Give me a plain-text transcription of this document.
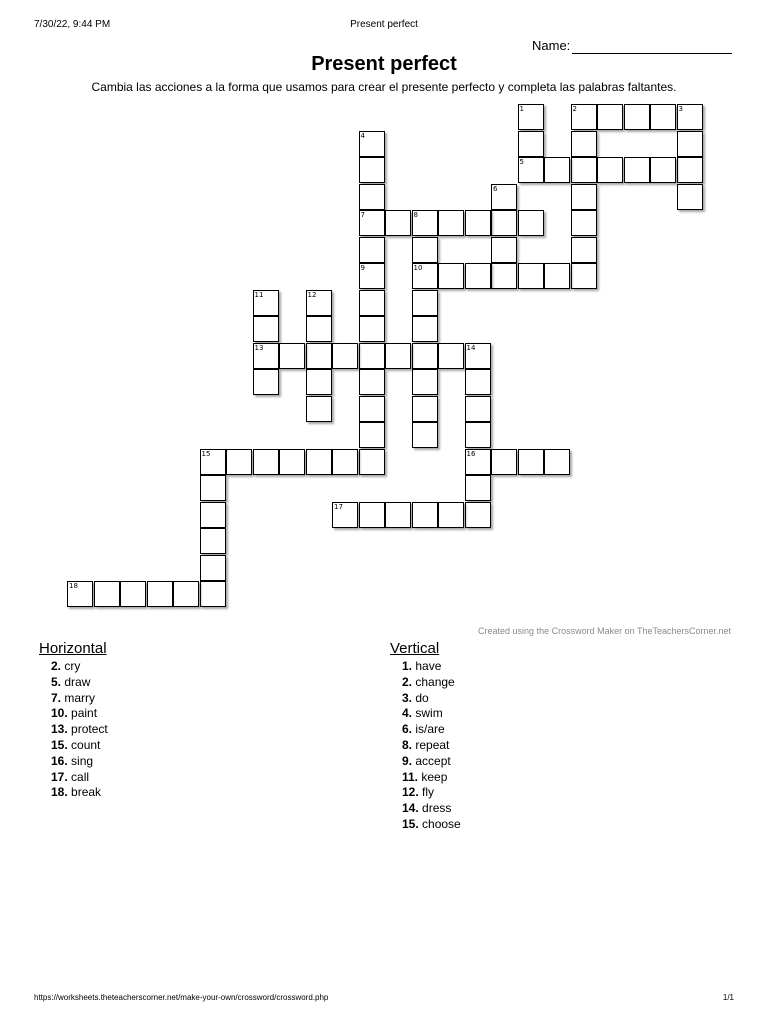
7/30/22, 9:44 PM	Present perfect
Name:
Present perfect
Cambia las acciones a la forma que usamos para crear el presente perfecto y completa las palabras faltantes.
1
5
2	3
4
7
6
8
10
9
11
13
12
14
16
15
17
18
Created using the Crossword Maker on TheTeachersCorner.net
Horizontal	Vertical
2. cry
5. draw
7. marry
10. paint
13. protect
15. count
16. sing
17. call
18. break
1. have
2. change
3. do
4. swim
6. is/are
8. repeat
9. accept
11. keep
12. fly
14. dress
15. choose
https://worksheets.theteacherscorner.net/make-your-own/crossword/crossword.php	1/1
